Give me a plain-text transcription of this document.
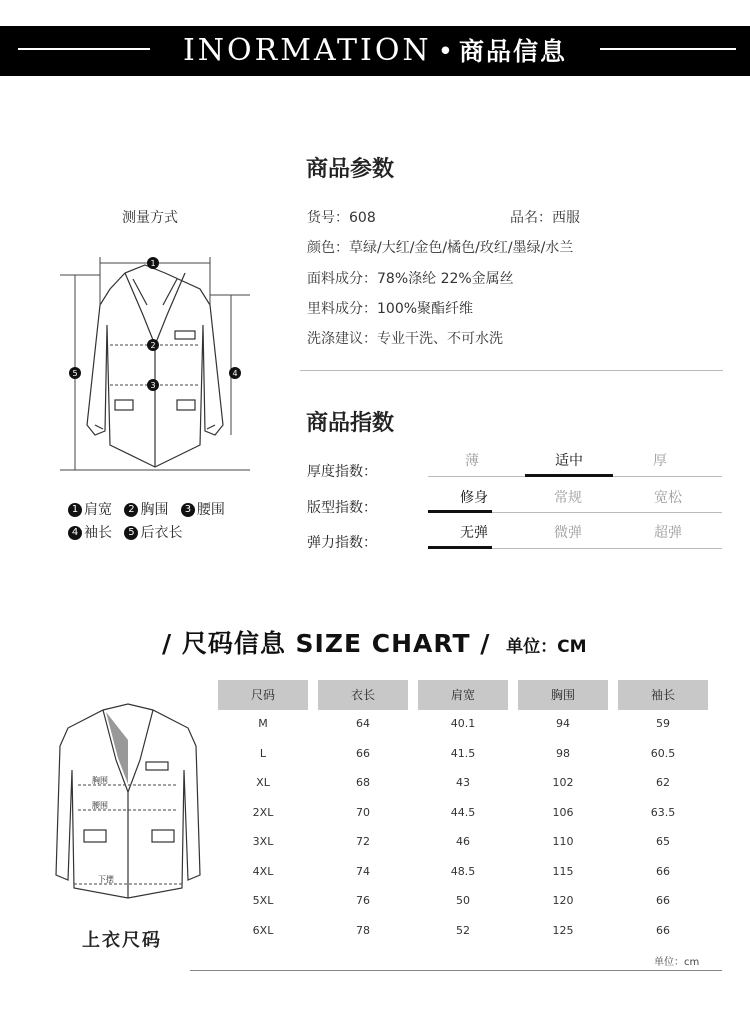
INORMATION • 商品信息
商品参数
测量方式	货号：608	品名：西服
颜色：草绿/大红/金色/橘色/玫红/墨绿/水兰
面料成分：78%涤纶 22%金属丝
里料成分：100%聚酯纤维
洗涤建议：专业干洗、不可水洗
1
2
3
5	4
1 肩宽 2 胸围 3 腰围
4 袖长 5 后衣长
商品指数
厚度指数：
薄	适中	厚
版型指数：
修身	常规	宽松
弹力指数：
无弹	微弹	超弹
/ 尺码信息 SIZE CHART / 单位：CM
胸围
腰围
下摆
上衣尺码
尺码	衣长	肩宽	胸围	袖长
M	64	40.1	94	59
L	66	41.5	98	60.5
XL	68	43	102	62
2XL	70	44.5	106	63.5
3XL	72	46	110	65
4XL	74	48.5	115	66
5XL	76	50	120	66
6XL	78	52	125	66
单位：cm
